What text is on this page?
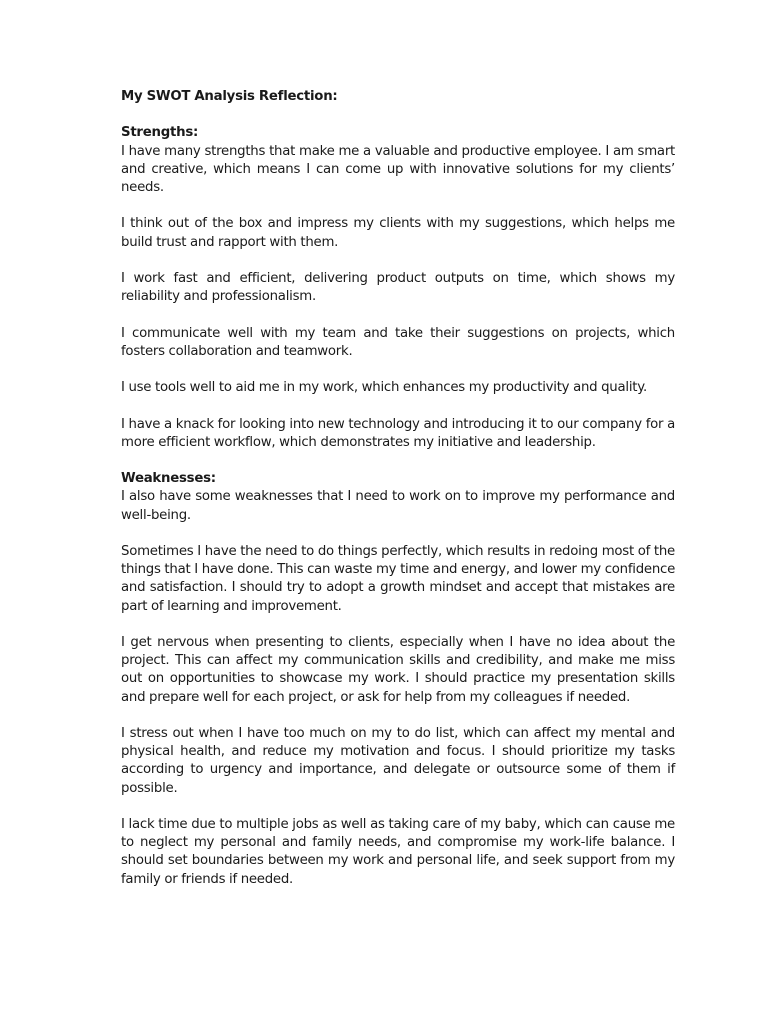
My SWOT Analysis Reflection:

Strengths:

I have many strengths that make me a valuable and productive employee. I am smart and creative, which means I can come up with innovative solutions for my clients’ needs.

I think out of the box and impress my clients with my suggestions, which helps me build trust and rapport with them.

I work fast and efficient, delivering product outputs on time, which shows my reliability and professionalism.

I communicate well with my team and take their suggestions on projects, which fosters collaboration and teamwork.

I use tools well to aid me in my work, which enhances my productivity and quality.

I have a knack for looking into new technology and introducing it to our company for a more efficient workflow, which demonstrates my initiative and leadership.

Weaknesses:

I also have some weaknesses that I need to work on to improve my performance and well-being.

Sometimes I have the need to do things perfectly, which results in redoing most of the things that I have done. This can waste my time and energy, and lower my confidence and satisfaction. I should try to adopt a growth mindset and accept that mistakes are part of learning and improvement.

I get nervous when presenting to clients, especially when I have no idea about the project. This can affect my communication skills and credibility, and make me miss out on opportunities to showcase my work. I should practice my presentation skills and prepare well for each project, or ask for help from my colleagues if needed.

I stress out when I have too much on my to do list, which can affect my mental and physical health, and reduce my motivation and focus. I should prioritize my tasks according to urgency and importance, and delegate or outsource some of them if possible.

I lack time due to multiple jobs as well as taking care of my baby, which can cause me to neglect my personal and family needs, and compromise my work-life balance. I should set boundaries between my work and personal life, and seek support from my family or friends if needed.
